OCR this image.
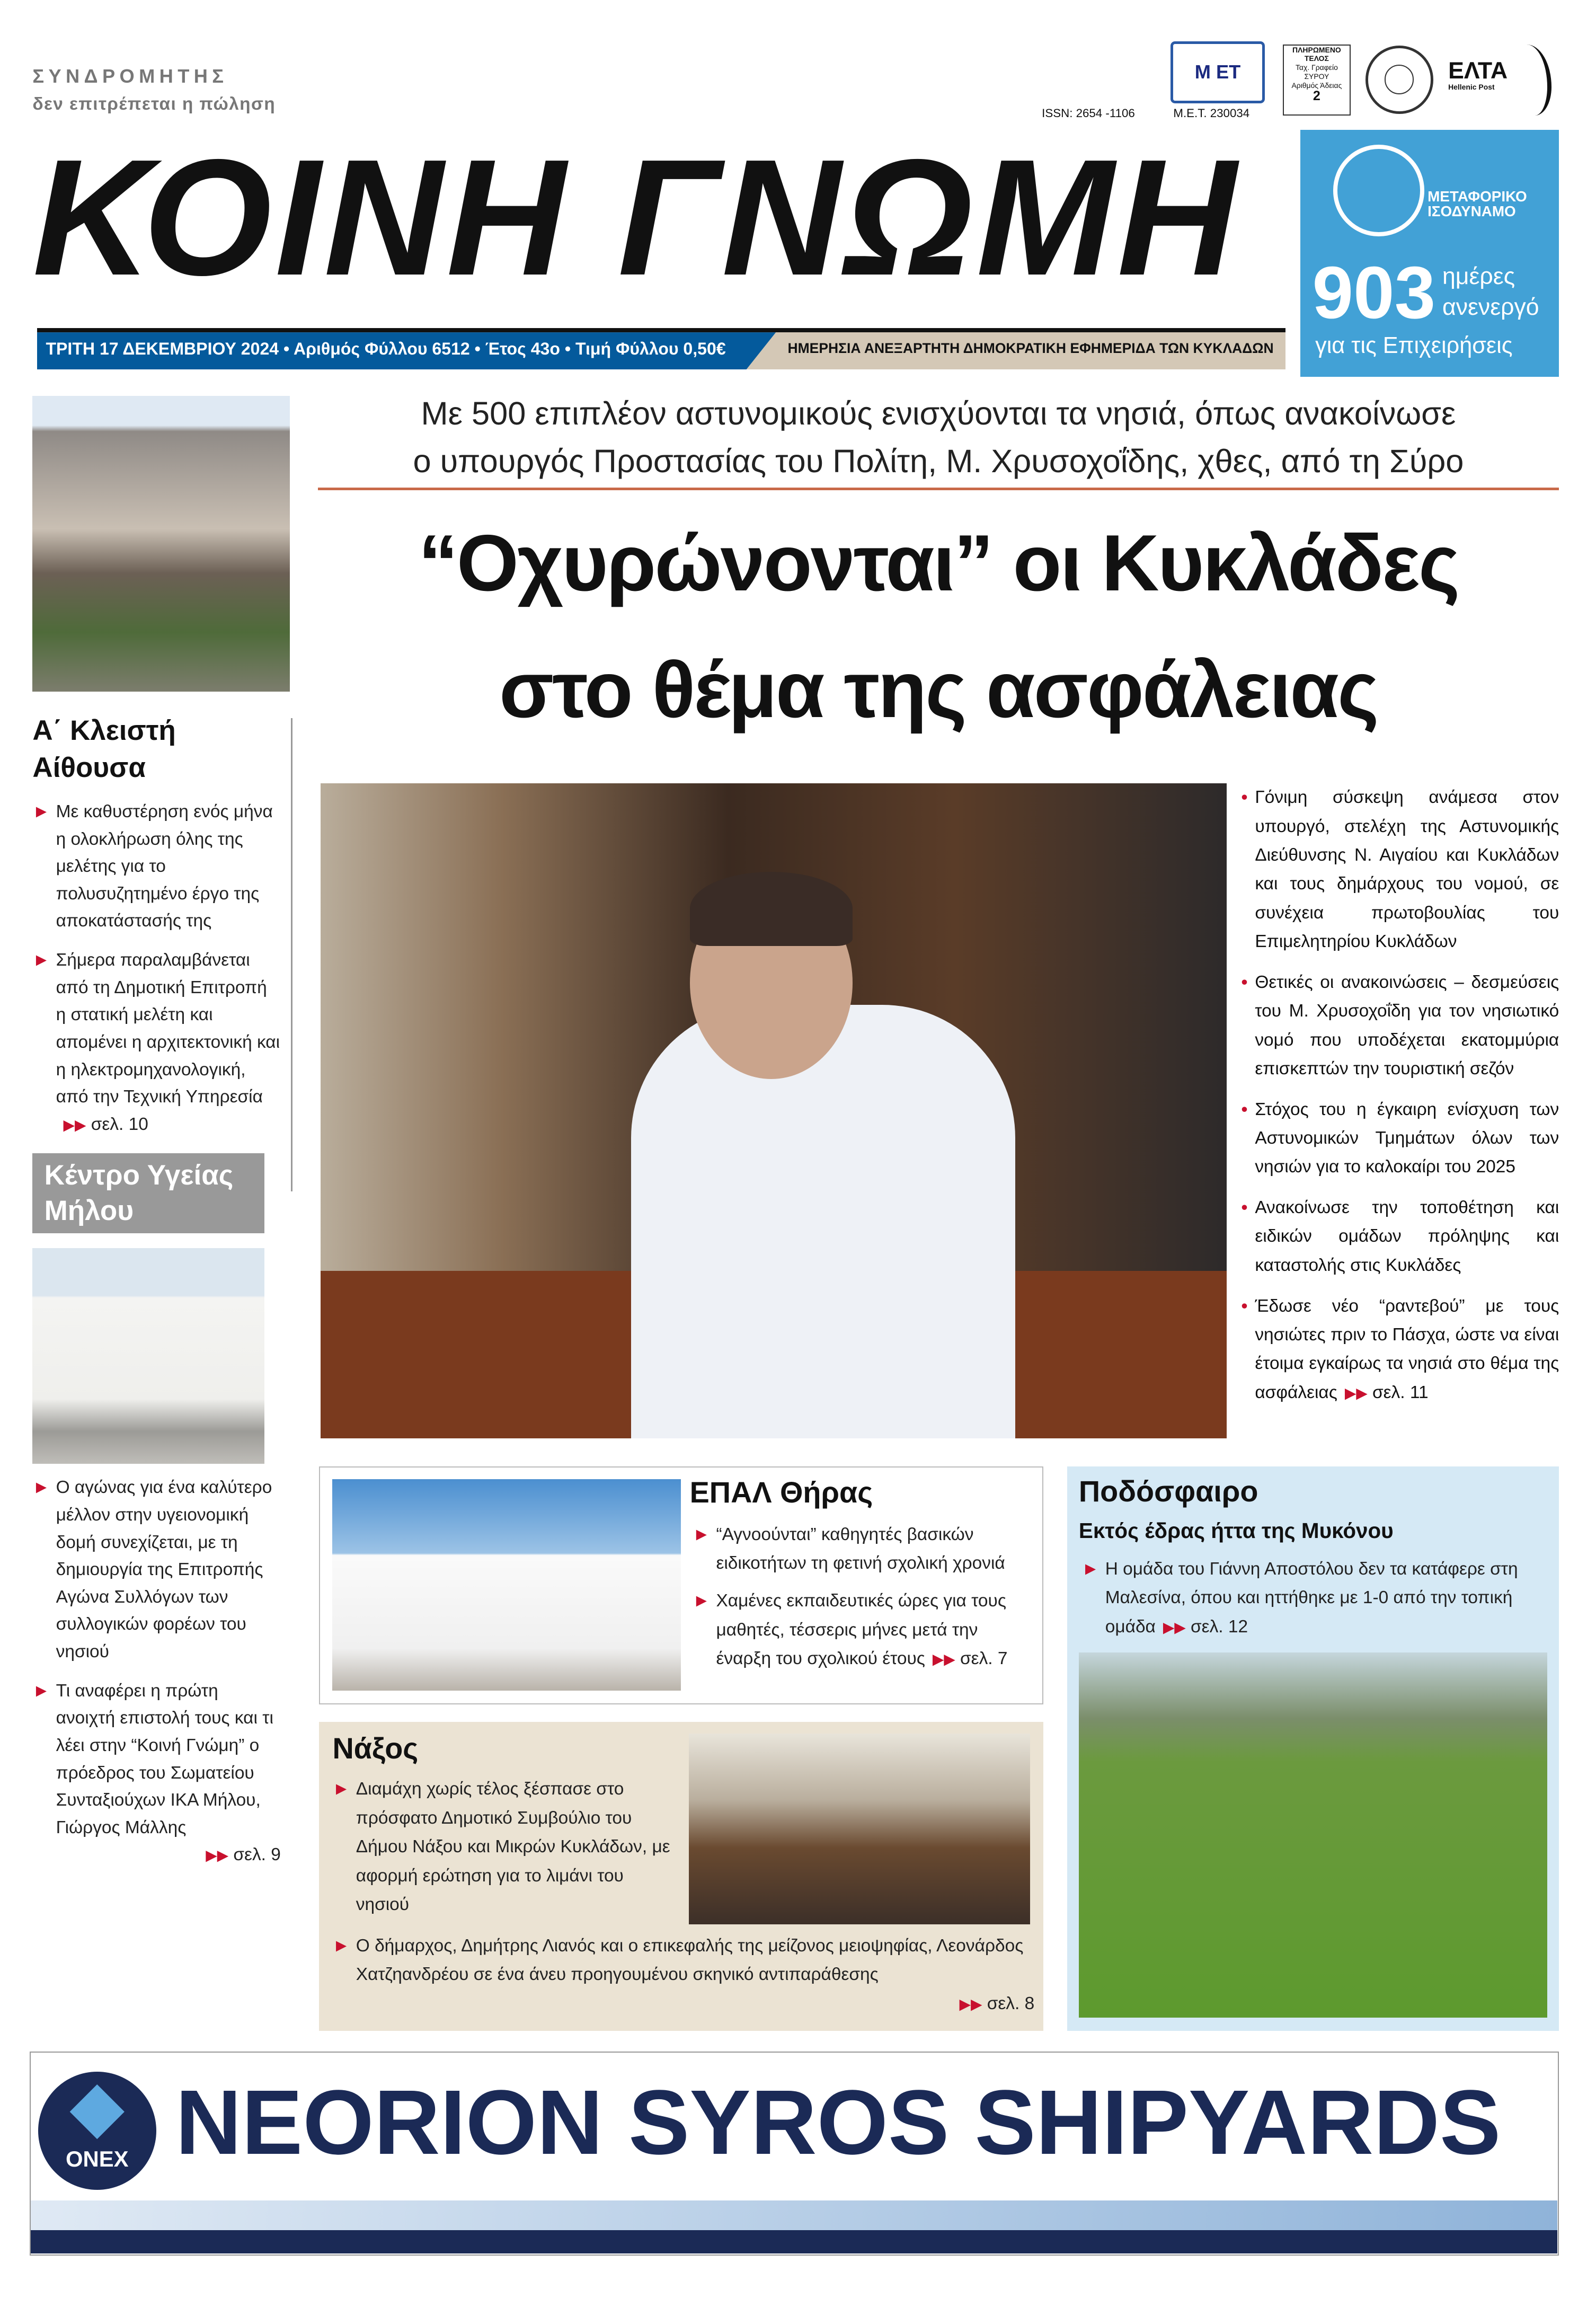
ΣΥΝΔΡΟΜΗΤΗΣ
δεν επιτρέπεται η πώληση
Μ ΕΤ
ISSN: 2654 -1106	M.E.T. 230034
ΠΛΗΡΩΜΕΝΟ
ΤΕΛΟΣ
Ταχ. Γραφείο
ΣΥΡΟΥ
Αριθμός Άδειας
2
ΕΛΤΑ
Hellenic Post
ΚΟΙΝΗ ΓΝΩΜΗ
ΤΡΙΤΗ 17 ΔΕΚΕΜΒΡΙΟΥ 2024 • Αριθμός Φύλλου 6512 • Έτος 43ο • Τιμή Φύλλου 0,50€	ΗΜΕΡΗΣΙΑ ΑΝΕΞΑΡΤΗΤΗ ΔΗΜΟΚΡΑΤΙΚΗ ΕΦΗΜΕΡΙΔΑ ΤΩΝ ΚΥΚΛΑΔΩΝ
ΜΕΤΑΦΟΡΙΚΟ
ΙΣΟΔΥΝΑΜΟ
903 ημέρες
ανενεργό
για τις Επιχειρήσεις
Με 500 επιπλέον αστυνομικούς ενισχύονται τα νησιά, όπως ανακοίνωσε
ο υπουργός Προστασίας του Πολίτη, Μ. Χρυσοχοΐδης, χθες, από τη Σύρο
“Οχυρώνονται” οι Κυκλάδες
στο θέμα της ασφάλειας
• Γόνιμη σύσκεψη ανάμεσα στον υπουργό, στελέχη της Αστυνομικής Διεύθυνσης Ν. Αιγαίου και Κυκλάδων και τους δημάρχους του νομού, σε συνέχεια πρωτοβουλίας του Επιμελητηρίου Κυκλάδων
• Θετικές οι ανακοινώσεις – δεσμεύσεις του Μ. Χρυσοχοΐδη για τον νησιωτικό νομό που υποδέχεται εκατομμύρια επισκεπτών την τουριστική σεζόν
• Στόχος του η έγκαιρη ενίσχυση των Αστυνομικών Τμημάτων όλων των νησιών για το καλοκαίρι του 2025
• Ανακοίνωσε την τοποθέτηση και ειδικών ομάδων πρόληψης και καταστολής στις Κυκλάδες
• Έδωσε νέο “ραντεβού” με τους νησιώτες πριν το Πάσχα, ώστε να είναι έτοιμα εγκαίρως τα νησιά στο θέμα της ασφάλειας ▶▶ σελ. 11
Α΄ Κλειστή Αίθουσα
► Με καθυστέρηση ενός μήνα η ολοκλήρωση όλης της μελέτης για το πολυσυζητημένο έργο της αποκατάστασής της
► Σήμερα παραλαμβάνεται από τη Δημοτική Επιτροπή η στατική μελέτη και απομένει η αρχιτεκτονική και η ηλεκτρομηχανολογική, από την Τεχνική Υπηρεσία▶▶ σελ. 10
Κέντρο Υγείας Μήλου
► Ο αγώνας για ένα καλύτερο μέλλον στην υγειονομική δομή συνεχίζεται, με τη δημιουργία της Επιτροπής Αγώνα Συλλόγων των συλλογικών φορέων του νησιού
► Τι αναφέρει η πρώτη ανοιχτή επιστολή τους και τι λέει στην “Κοινή Γνώμη” ο πρόεδρος του Σωματείου Συνταξιούχων ΙΚΑ Μήλου, Γιώργος Μάλλης
▶▶ σελ. 9
ΕΠΑΛ Θήρας
► “Αγνοούνται” καθηγητές βασικών ειδικοτήτων τη φετινή σχολική χρονιά
► Χαμένες εκπαιδευτικές ώρες για τους μαθητές, τέσσερις μήνες μετά την έναρξη του σχολικού έτους ▶▶ σελ. 7
Νάξος
► Διαμάχη χωρίς τέλος ξέσπασε στο πρόσφατο Δημοτικό Συμβούλιο του Δήμου Νάξου και Μικρών Κυκλάδων, με αφορμή ερώτηση για το λιμάνι του νησιού
► Ο δήμαρχος, Δημήτρης Λιανός και ο επικεφαλής της μείζονος μειοψηφίας, Λεονάρδος Χατζηανδρέου σε ένα άνευ προηγουμένου σκηνικό αντιπαράθεσης
▶▶ σελ. 8
Ποδόσφαιρο
Εκτός έδρας ήττα της Μυκόνου
► Η ομάδα του Γιάννη Αποστόλου δεν τα κατάφερε στη Μαλεσίνα, όπου και ηττήθηκε με 1-0 από την τοπική ομάδα ▶▶ σελ. 12
ONEX NEORION SYROS SHIPYARDS
